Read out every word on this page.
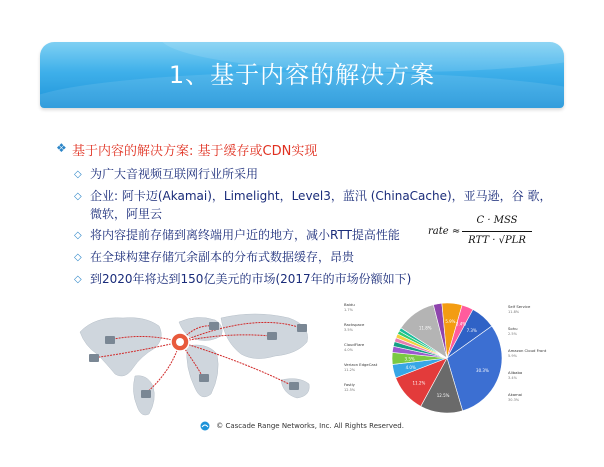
1、基于内容的解决方案
❖ 基于内容的解决方案: 基于缓存或CDN实现
◇ 为广大音视频互联网行业所采用
◇ 企业: 阿卡迈(Akamai)，Limelight，Level3，蓝汛 (ChinaCache)，亚马逊，谷 歌，微软，阿里云
◇ 将内容提前存储到离终端用户近的地方，减小RTT提高性能
◇ 在全球构建存储冗余副本的分布式数据缓存，昂贵
◇ 到2020年将达到150亿美元的市场(2017年的市场份额如下)
rate ≈
C · MSS
RTT · √PLR
30.3%
12.5%
11.2%
4.0%
3.5%
11.8%
5.9% 3.4%
7.3%
Baidu
1.7%
Rackspace
3.5%
CloudFlare
4.0%
Verizon EdgeCast
11.2%
Fastly
12.5%
Self Service
11.8%
Sohu
2.5%
Amazon Cloud Front
5.9%
Alibaba
3.4%
Akamai
30.3%
© Cascade Range Networks, Inc. All Rights Reserved.
